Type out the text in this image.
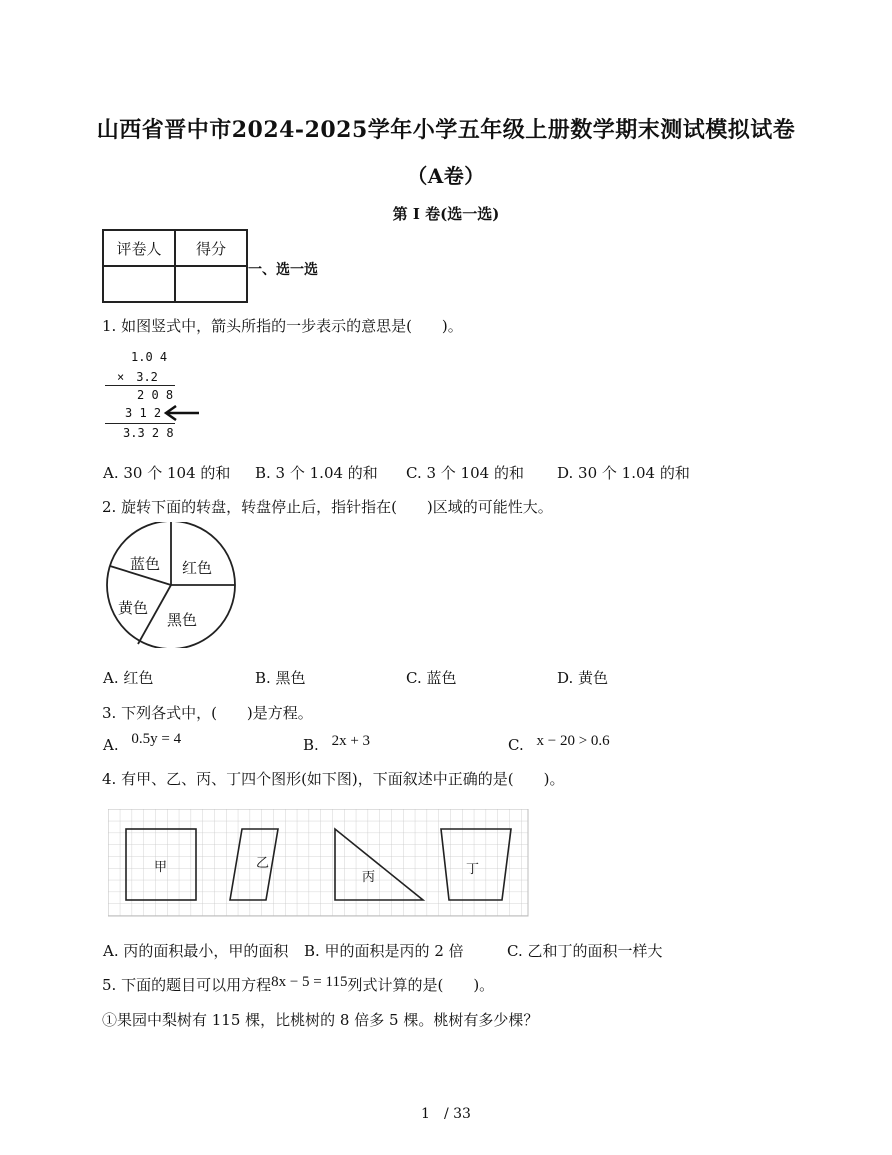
山西省晋中市2024-2025学年小学五年级上册数学期末测试模拟试卷
（A卷）
第 I 卷(选一选)
评卷人	得分

一、选一选
1. 如图竖式中，箭头所指的一步表示的意思是(　　)。
1.0 4
×　3.2
2 0 8
3 1 2
3.3 2 8
A. 30 个 104 的和 B. 3 个 1.04 的和 C. 3 个 104 的和 D. 30 个 1.04 的和
2. 旋转下面的转盘，转盘停止后，指针指在(　　)区域的可能性大。
蓝色 红色
黄色
黑色
A. 红色	B. 黑色	C. 蓝色	D. 黄色
3. 下列各式中，(　　)是方程。
A. 0.5y = 4	B. 2x + 3	C. x − 20 > 0.6
4. 有甲、乙、丙、丁四个图形(如下图)，下面叙述中正确的是(　　)。
甲	乙
丙
丁
A. 丙的面积最小，甲的面积 B. 甲的面积是丙的 2 倍	C. 乙和丁的面积一样大
5. 下面的题目可以用方程8x − 5 = 115列式计算的是(　　)。
①果园中梨树有 115 棵，比桃树的 8 倍多 5 棵。桃树有多少棵？
1　/ 33
